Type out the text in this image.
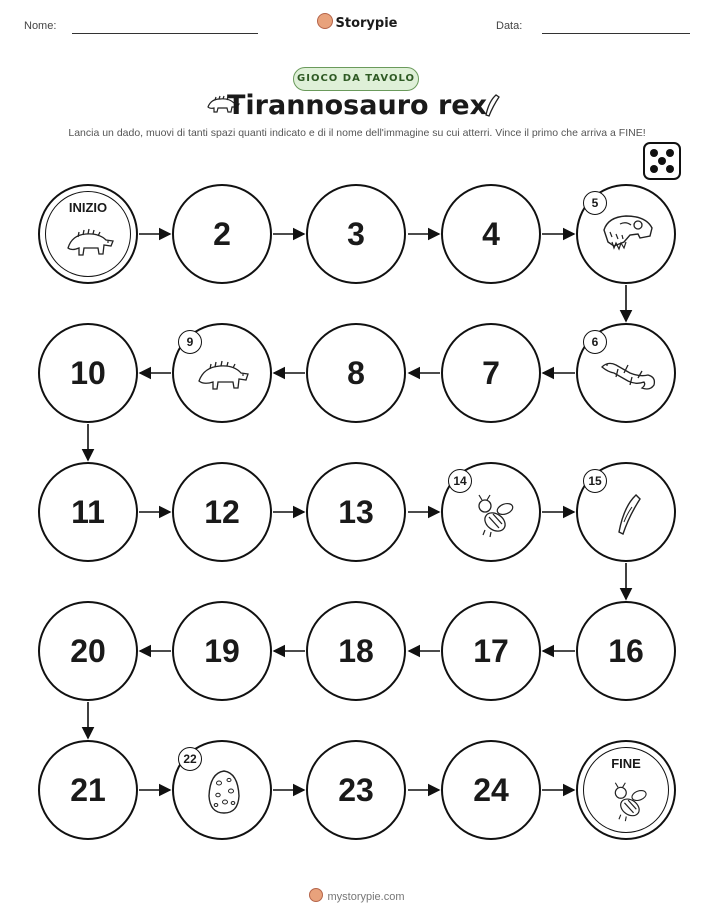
Nome:	Storypie	Data:
GIOCO DA TAVOLO
Tirannosauro rex
Lancia un dado, muovi di tanti spazi quanti indicato e di il nome dell'immagine su cui atterri. Vince il primo che arriva a FINE!
INIZIO
2	3	4
5
10
9
8	7
6
11	12	13
14	15
20	19	18	17	16
21
22
23	24
FINE
mystorypie.com
